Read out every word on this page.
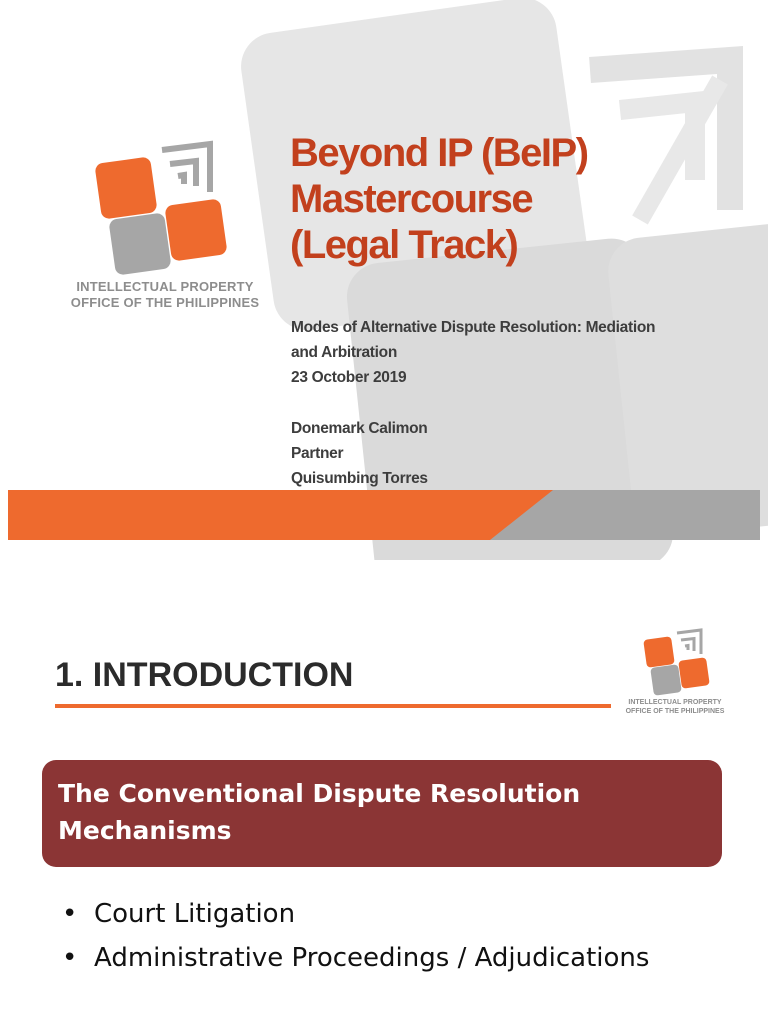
INTELLECTUAL PROPERTY
OFFICE OF THE PHILIPPINES
Beyond IP (BeIP)
Mastercourse
(Legal Track)
Modes of Alternative Dispute Resolution: Mediation
and Arbitration
23 October 2019
Donemark Calimon
Partner
Quisumbing Torres
1. INTRODUCTION
INTELLECTUAL PROPERTY
OFFICE OF THE PHILIPPINES
The Conventional Dispute Resolution
Mechanisms
• Court Litigation
• Administrative Proceedings / Adjudications
